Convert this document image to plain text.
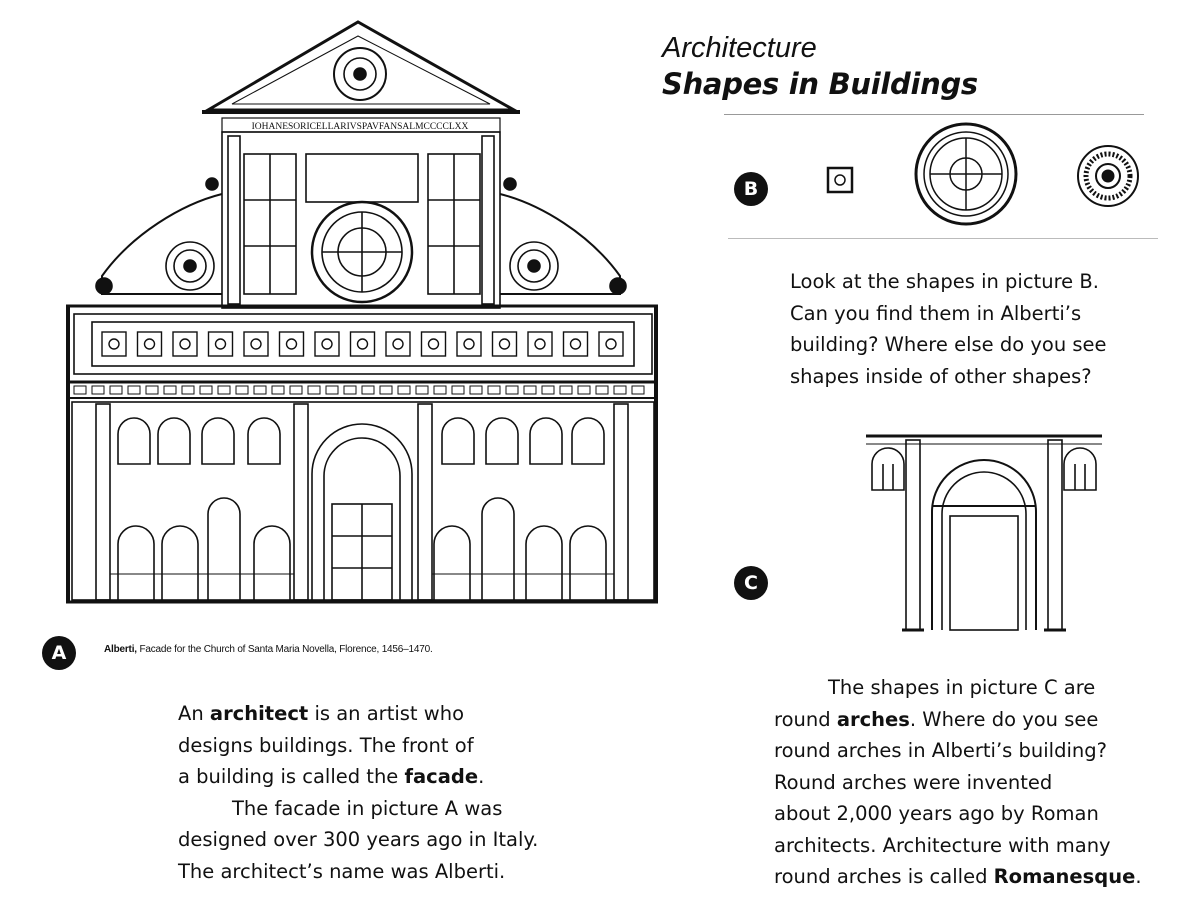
IOHANESORICELLARIVSPAVFANSALMCCCCLXX
A	Alberti, Facade for the Church of Santa Maria Novella, Florence, 1456–1470.
Architecture
Shapes in Buildings
B
Look at the shapes in picture B.
Can you find them in Alberti’s
building? Where else do you see
shapes inside of other shapes?
C
The shapes in picture C are
round arches. Where do you see
round arches in Alberti’s building?
Round arches were invented
about 2,000 years ago by Roman
architects. Architecture with many
round arches is called Romanesque.
An architect is an artist who
designs buildings. The front of
a building is called the facade.
The facade in picture A was
designed over 300 years ago in Italy.
The architect’s name was Alberti.
